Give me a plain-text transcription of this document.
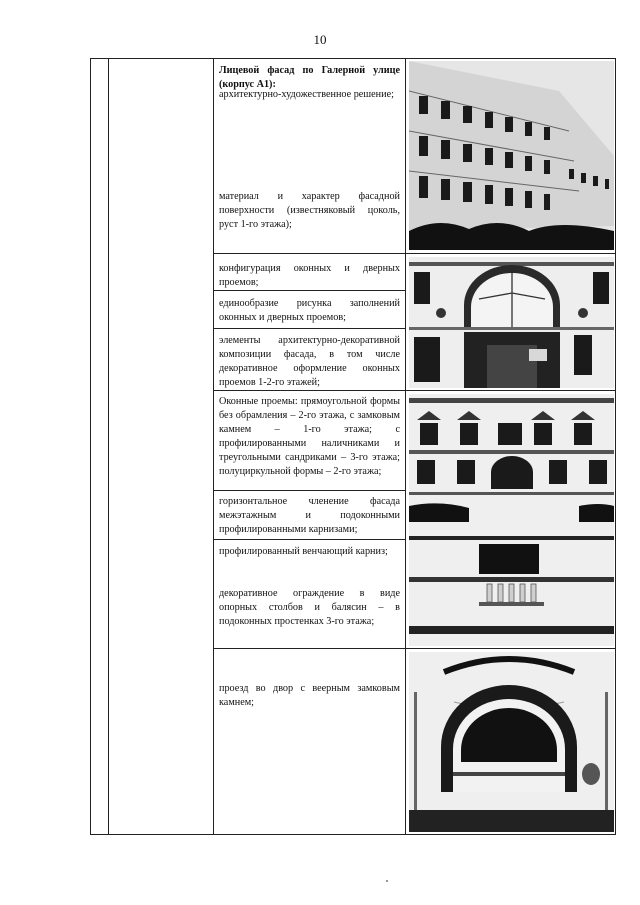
10
Лицевой фасад по Галерной улице (корпус А1):
архитектурно-художественное решение;
материал и характер фасадной поверхности (известняковый цоколь, руст 1-го этажа);
конфигурация оконных и дверных проемов;
единообразие рисунка заполнений оконных и дверных проемов;
элементы архитектурно-декоративной композиции фасада, в том числе декоративное оформление оконных проемов 1-2-го этажей;
Оконные проемы: прямоугольной формы без обрамления – 2-го этажа, с замковым камнем – 1-го этажа; с профилированными наличниками и треугольными сандриками – 3-го этажа; полуциркульной формы – 2-го этажа;
горизонтальное членение фасада межэтажным и подоконными профилированными карнизами;
профилированный венчающий карниз;
декоративное ограждение в виде опорных столбов и балясин – в подоконных простенках 3-го этажа;
проезд во двор с веерным замковым камнем;
